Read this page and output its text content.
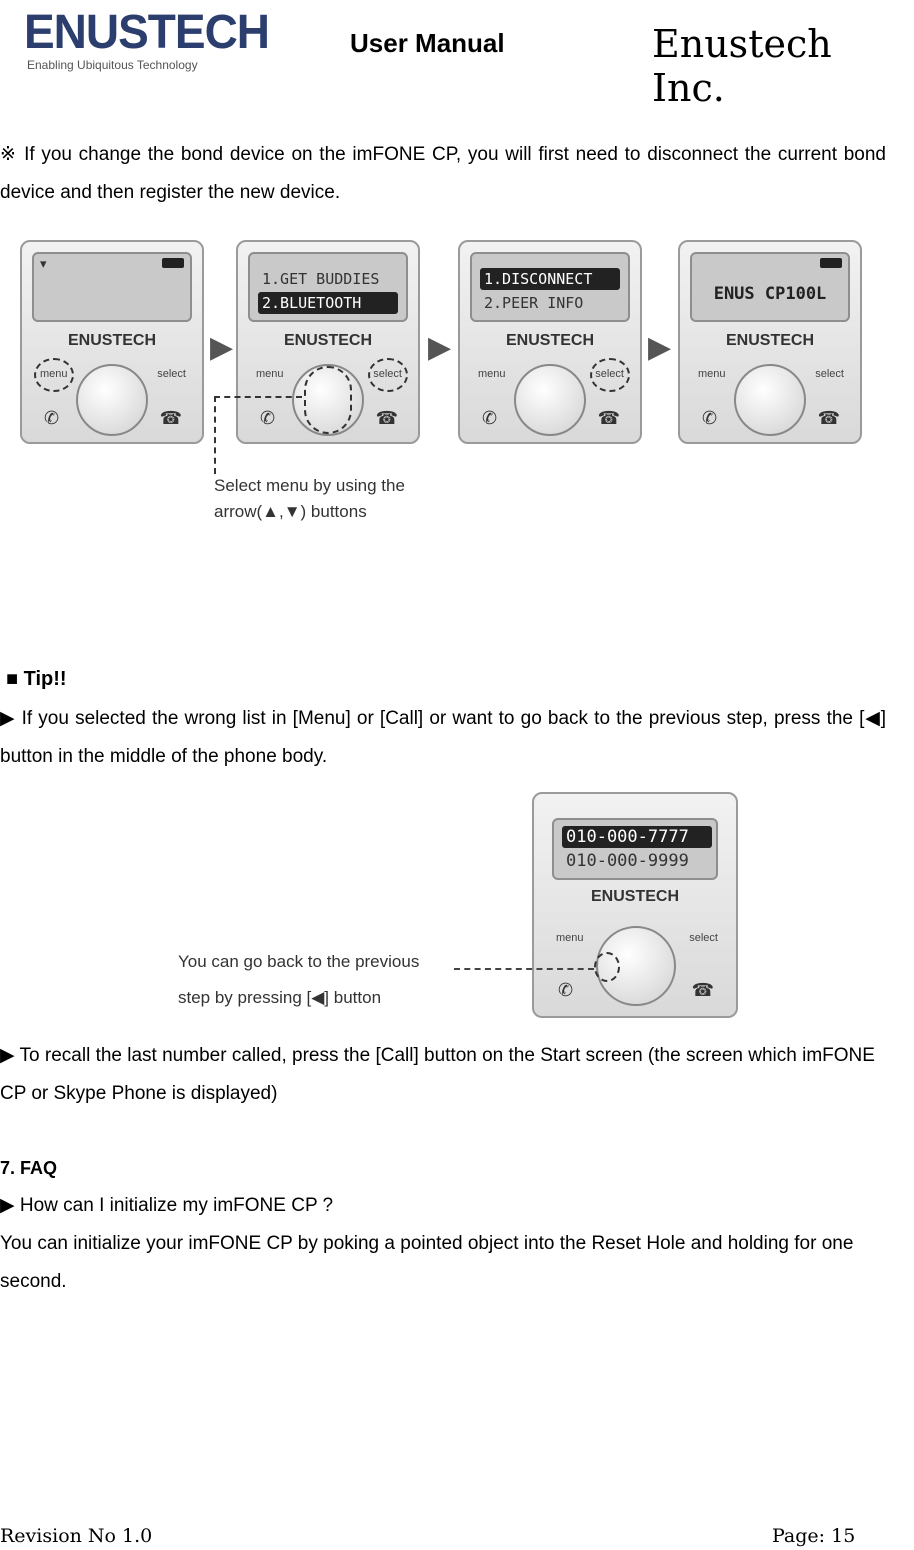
ENUSTECH
Enabling Ubiquitous Technology
User Manual	Enustech Inc.
※ If you change the bond device on the imFONE CP, you will first need to disconnect the current bond device and then register the new device.
▾
ENUSTECH
menu	select
✆	☎
▶
1.GET BUDDIES
2.BLUETOOTH
ENUSTECH
menu	select
✆	☎
▶
1.DISCONNECT
2.PEER INFO
ENUSTECH
menu	select
✆	☎
▶
ENUS CP100L
ENUSTECH
menu	select
✆	☎
Select menu by using the
arrow(▲,▼) buttons
■ Tip!!
▶ If you selected the wrong list in [Menu] or [Call] or want to go back to the previous step, press the [◀] button in the middle of the phone body.
010-000-7777
010-000-9999
ENUSTECH
menu	select
✆	☎
You can go back to the previous
step by pressing [◀] button
▶ To recall the last number called, press the [Call] button on the Start screen (the screen which imFONE CP or Skype Phone is displayed)
7. FAQ
▶ How can I initialize my imFONE CP ?
You can initialize your imFONE CP by poking a pointed object into the Reset Hole and holding for one second.
Revision No 1.0	Page: 15
